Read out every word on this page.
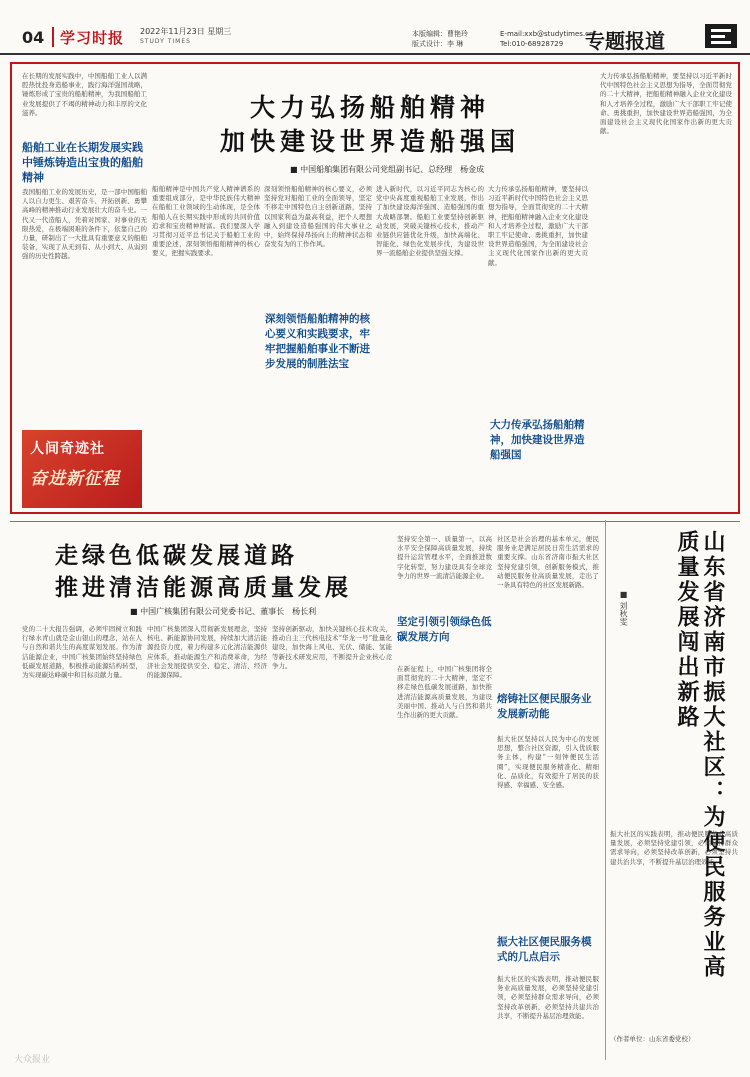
04 学习时报 2022年11月23日 星期三
STUDY TIMES
本版编辑：曹艳玲
版式设计：李 琳
E-mail:xxb@studytimes.cn
Tel:010-68928729	专题报道
大力弘扬船舶精神
加快建设世界造船强国
■ 中国船舶集团有限公司党组副书记、总经理　杨金成
在长期的发展实践中，中国船舶工业人以满腔热忱投身造船事业，践行海洋强国战略，锤炼形成了宝贵的船舶精神，为我国船舶工业发展提供了不竭的精神动力和丰厚的文化滋养。
船舶工业在长期发展实践中锤炼铸造出宝贵的船舶精神
我国船舶工业的发展历史，是一部中国船舶人以自力更生、艰苦奋斗、开拓创新、勇攀高峰的精神推动行业发展壮大的奋斗史。一代又一代造船人，凭着对国家、对事业的无限热爱，在极端困难的条件下，依靠自己的力量，研制出了一大批具有重要意义的船舶装备，实现了从无到有、从小到大、从弱到强的历史性跨越。
人间奇迹社
奋进新征程
船舶精神是中国共产党人精神谱系的重要组成部分，是中华民族伟大精神在船舶工业领域的生动体现，是全体船舶人在长期实践中形成的共同价值追求和宝贵精神财富。我们要深入学习贯彻习近平总书记关于船舶工业的重要论述，深刻领悟船舶精神的核心要义，把握实践要求。
深刻领悟船舶精神的核心要义，必须坚持党对船舶工业的全面领导，坚定不移走中国特色自主创新道路，坚持以国家利益为最高利益，把个人理想融入到建设造船强国的伟大事业之中，始终保持昂扬向上的精神状态和奋发有为的工作作风。
深刻领悟船舶精神的核心要义和实践要求，牢牢把握船舶事业不断进步发展的制胜法宝
进入新时代，以习近平同志为核心的党中央高度重视船舶工业发展，作出了加快建设海洋强国、造船强国的重大战略部署。船舶工业要坚持创新驱动发展，突破关键核心技术，推动产业链供应链优化升级，加快高端化、智能化、绿色化发展步伐，为建设世界一流船舶企业提供坚强支撑。
大力传承弘扬船舶精神，要坚持以习近平新时代中国特色社会主义思想为指导，全面贯彻党的二十大精神，把船舶精神融入企业文化建设和人才培养全过程，激励广大干部职工牢记使命、勇挑重担，加快建设世界造船强国，为全面建设社会主义现代化国家作出新的更大贡献。
大力传承弘扬船舶精神，加快建设世界造船强国
大力传承弘扬船舶精神，要坚持以习近平新时代中国特色社会主义思想为指导，全面贯彻党的二十大精神，把船舶精神融入企业文化建设和人才培养全过程，激励广大干部职工牢记使命、勇挑重担，加快建设世界造船强国，为全面建设社会主义现代化国家作出新的更大贡献。
走绿色低碳发展道路
推进清洁能源高质量发展
■ 中国广核集团有限公司党委书记、董事长　杨长利
党的二十大报告强调，必须牢固树立和践行绿水青山就是金山银山的理念，站在人与自然和谐共生的高度谋划发展。作为清洁能源企业，中国广核集团始终坚持绿色低碳发展道路，积极推动能源结构转型，为实现碳达峰碳中和目标贡献力量。
中国广核集团深入贯彻新发展理念，坚持核电、新能源协同发展，持续加大清洁能源投资力度，着力构建多元化清洁能源供应体系，推动能源生产和消费革命，为经济社会发展提供安全、稳定、清洁、经济的能源保障。
坚持创新驱动，加快关键核心技术攻关，推动自主三代核电技术“华龙一号”批量化建设，加快海上风电、光伏、储能、氢能等新技术研发应用，不断提升企业核心竞争力。
坚持安全第一、质量第一，以高水平安全保障高质量发展，持续提升运营管理水平，全面推进数字化转型，努力建设具有全球竞争力的世界一流清洁能源企业。
坚定引领引领绿色低碳发展方向
在新征程上，中国广核集团将全面贯彻党的二十大精神，坚定不移走绿色低碳发展道路，加快推进清洁能源高质量发展，为建设美丽中国、推动人与自然和谐共生作出新的更大贡献。
社区是社会治理的基本单元，便民服务业是满足居民日常生活需求的重要支撑。山东省济南市振大社区坚持党建引领，创新服务模式，推动便民服务业高质量发展，走出了一条具有特色的社区发展新路。
熔铸社区便民服务业发展新动能
振大社区坚持以人民为中心的发展思想，整合社区资源，引入优质服务主体，构建“一刻钟便民生活圈”，实现便民服务精准化、精细化、品质化，有效提升了居民的获得感、幸福感、安全感。
振大社区便民服务模式的几点启示
振大社区的实践表明，推动便民服务业高质量发展，必须坚持党建引领，必须坚持群众需求导向，必须坚持改革创新，必须坚持共建共治共享，不断提升基层治理效能。
山东省济南市振大社区：为便民服务业高质量发展闯出新路
■ 刘秋雯
振大社区的实践表明，推动便民服务业高质量发展，必须坚持党建引领，必须坚持群众需求导向，必须坚持改革创新，必须坚持共建共治共享，不断提升基层治理效能。
（作者单位：山东省委党校）
大众报业
